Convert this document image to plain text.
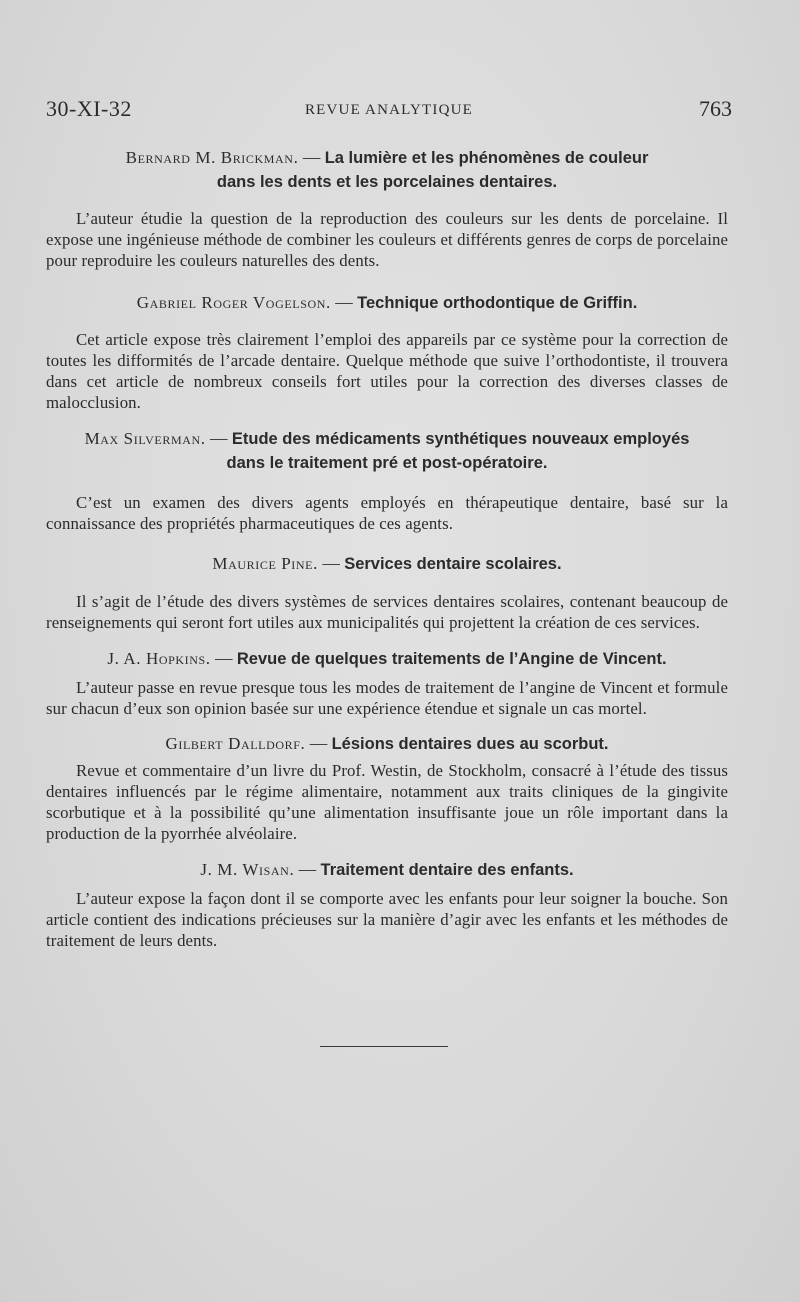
30-XI-32	REVUE ANALYTIQUE	763

Bernard M. Brickman. — La lumière et les phénomènes de couleur

dans les dents et les porcelaines dentaires.

L’auteur étudie la question de la reproduction des couleurs sur les dents de porcelaine. Il expose une ingénieuse méthode de combiner les couleurs et différents genres de corps de porcelaine pour reproduire les couleurs naturelles des dents.

Gabriel Roger Vogelson. — Technique orthodontique de Griffin.

Cet article expose très clairement l’emploi des appareils par ce système pour la correction de toutes les difformités de l’arcade dentaire. Quelque méthode que suive l’orthodontiste, il trouvera dans cet article de nombreux conseils fort utiles pour la correction des diverses classes de malocclusion.

Max Silverman. — Etude des médicaments synthétiques nouveaux employés

dans le traitement pré et post-opératoire.

C’est un examen des divers agents employés en thérapeutique dentaire, basé sur la connaissance des propriétés pharmaceutiques de ces agents.

Maurice Pine. — Services dentaire scolaires.

Il s’agit de l’étude des divers systèmes de services dentaires scolaires, contenant beaucoup de renseignements qui seront fort utiles aux municipalités qui projettent la création de ces services.

J. A. Hopkins. — Revue de quelques traitements de l’Angine de Vincent.

L’auteur passe en revue presque tous les modes de traitement de l’angine de Vincent et formule sur chacun d’eux son opinion basée sur une expérience étendue et signale un cas mortel.

Gilbert Dalldorf. — Lésions dentaires dues au scorbut.

Revue et commentaire d’un livre du Prof. Westin, de Stockholm, consacré à l’étude des tissus dentaires influencés par le régime alimentaire, notamment aux traits cliniques de la gingivite scorbutique et à la possibilité qu’une alimentation insuffisante joue un rôle important dans la production de la pyorrhée alvéolaire.

J. M. Wisan. — Traitement dentaire des enfants.

L’auteur expose la façon dont il se comporte avec les enfants pour leur soigner la bouche. Son article contient des indications précieuses sur la manière d’agir avec les enfants et les méthodes de traitement de leurs dents.
